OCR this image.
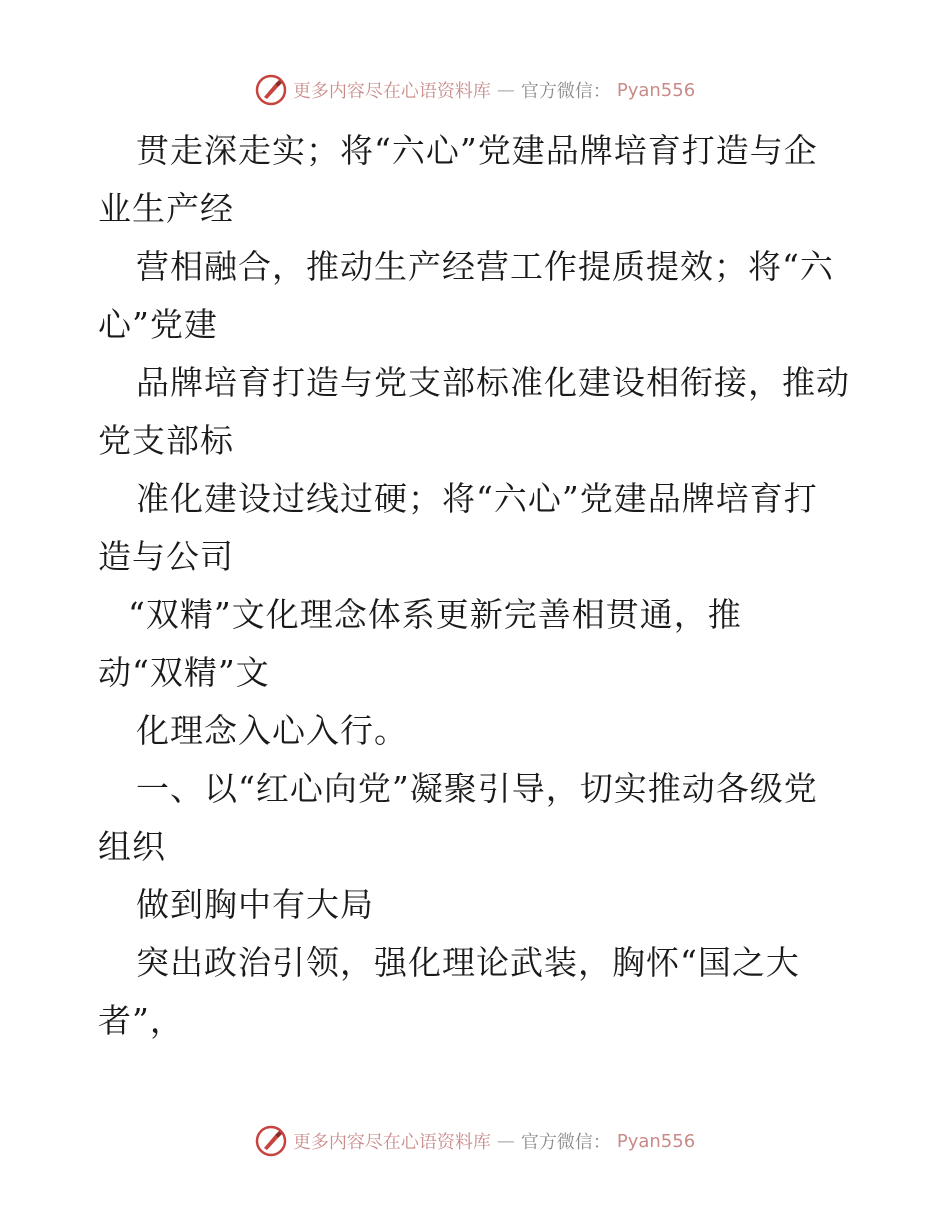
更多内容尽在心语资料库 — 官方微信： Pyan556
贯走深走实；将“六心”党建品牌培育打造与企
业生产经
营相融合，推动生产经营工作提质提效；将“六
心”党建
品牌培育打造与党支部标准化建设相衔接，推动
党支部标
准化建设过线过硬；将“六心”党建品牌培育打
造与公司
“双精”文化理念体系更新完善相贯通，推
动“双精”文
化理念入心入行。
一、以“红心向党”凝聚引导，切实推动各级党
组织
做到胸中有大局
突出政治引领，强化理论武装，胸怀“国之大
者”，
更多内容尽在心语资料库 — 官方微信： Pyan556
